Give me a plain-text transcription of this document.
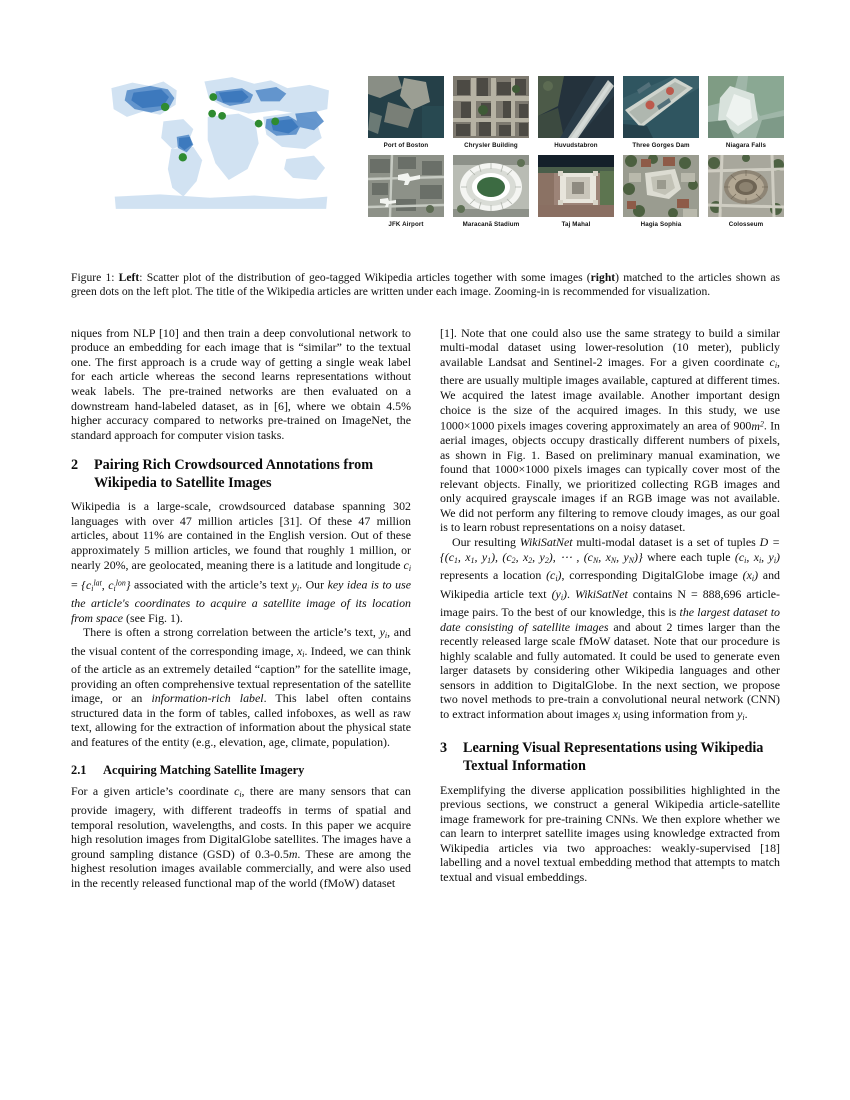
Port of Boston	Chrysler Building	Huvudstabron	Three Gorges Dam	Niagara Falls
JFK Airport	Maracanã Stadium	Taj Mahal	Hagia Sophia	Colosseum
Figure 1: Left: Scatter plot of the distribution of geo-tagged Wikipedia articles together with some images (right) matched to the articles shown as green dots on the left plot. The title of the Wikipedia articles are written under each image. Zooming-in is recommended for visualization.

niques from NLP [10] and then train a deep convolutional network to produce an embedding for each image that is “similar” to the textual one. The first approach is a crude way of getting a single weak label for each article whereas the second learns representations without weak labels. The pre-trained networks are then evaluated on a downstream hand-labeled dataset, as in [6], where we obtain 4.5% higher accuracy compared to networks pre-trained on ImageNet, the standard approach for computer vision tasks.

2	Pairing Rich Crowdsourced Annotations from Wikipedia to Satellite Images

Wikipedia is a large-scale, crowdsourced database spanning 302 languages with over 47 million articles [31]. Of these 47 million articles, about 11% are contained in the English version. Out of these approximately 5 million articles, we found that roughly 1 million, or nearly 20%, are geolocated, meaning there is a latitude and longitude $c_i = \{c_i^{lat}$, $c_i^{lon}$} associated with the article’s text $y_i$. Our key idea is to use the article's coordinates to acquire a satellite image of its location from space (see Fig. 1).

There is often a strong correlation between the article’s text, $y_i$, and the visual content of the corresponding image, $x_i$. Indeed, we can think of the article as an extremely detailed “caption” for the satellite image, providing an often comprehensive textual representation of the satellite image, or an information-rich label. This label often contains structured data in the form of tables, called infoboxes, as well as raw text, allowing for the extraction of information about the physical state and features of the entity (e.g., elevation, age, climate, population).

2.1	Acquiring Matching Satellite Imagery

For a given article’s coordinate $c_i$, there are many sensors that can provide imagery, with different tradeoffs in terms of spatial and temporal resolution, wavelengths, and costs. In this paper we acquire high resolution images from DigitalGlobe satellites. The images have a ground sampling distance (GSD) of 0.3-0.5m. These are among the highest resolution images available commercially, and were also used in the recently released functional map of the world (fMoW) dataset

[1]. Note that one could also use the same strategy to build a similar multi-modal dataset using lower-resolution (10 meter), publicly available Landsat and Sentinel-2 images. For a given coordinate $c_i$, there are usually multiple images available, captured at different times. We acquired the latest image available. Another important design choice is the size of the acquired images. In this study, we use 1000×1000 pixels images covering approximately an area of $900m^2$. In aerial images, objects occupy drastically different numbers of pixels, as shown in Fig. 1. Based on preliminary manual examination, we found that 1000×1000 pixels images can typically cover most of the relevant objects. Finally, we prioritized collecting RGB images and only acquired grayscale images if an RGB image was not available. We did not perform any filtering to remove cloudy images, as our goal is to learn robust representations on a noisy dataset.

Our resulting WikiSatNet multi-modal dataset is a set of tuples $D = \{(c_1$, $x_1$, $y_1$), ($c_2$, $x_2$, $y_2$), ⋯ , ($c_N$, $x_N$, $y_N$)} where each tuple ($c_i$, $x_i$, $y_i$) represents a location $(c_i)$, corresponding DigitalGlobe image $(x_i)$ and Wikipedia article text $(y_i)$. WikiSatNet contains N = 888,696 article-image pairs. To the best of our knowledge, this is the largest dataset to date consisting of satellite images and about 2 times larger than the recently released large scale fMoW dataset. Note that our procedure is highly scalable and fully automated. It could be used to generate even larger datasets by considering other Wikipedia languages and other sensors in addition to DigitalGlobe. In the next section, we propose two novel methods to pre-train a convolutional neural network (CNN) to extract information about images $x_i$ using information from $y_i$.

3	Learning Visual Representations using Wikipedia Textual Information

Exemplifying the diverse application possibilities highlighted in the previous sections, we construct a general Wikipedia article-satellite image framework for pre-training CNNs. We then explore whether we can learn to interpret satellite images using knowledge extracted from Wikipedia articles via two approaches: weakly-supervised [18] labelling and a novel textual embedding method that attempts to match textual and visual embeddings.
